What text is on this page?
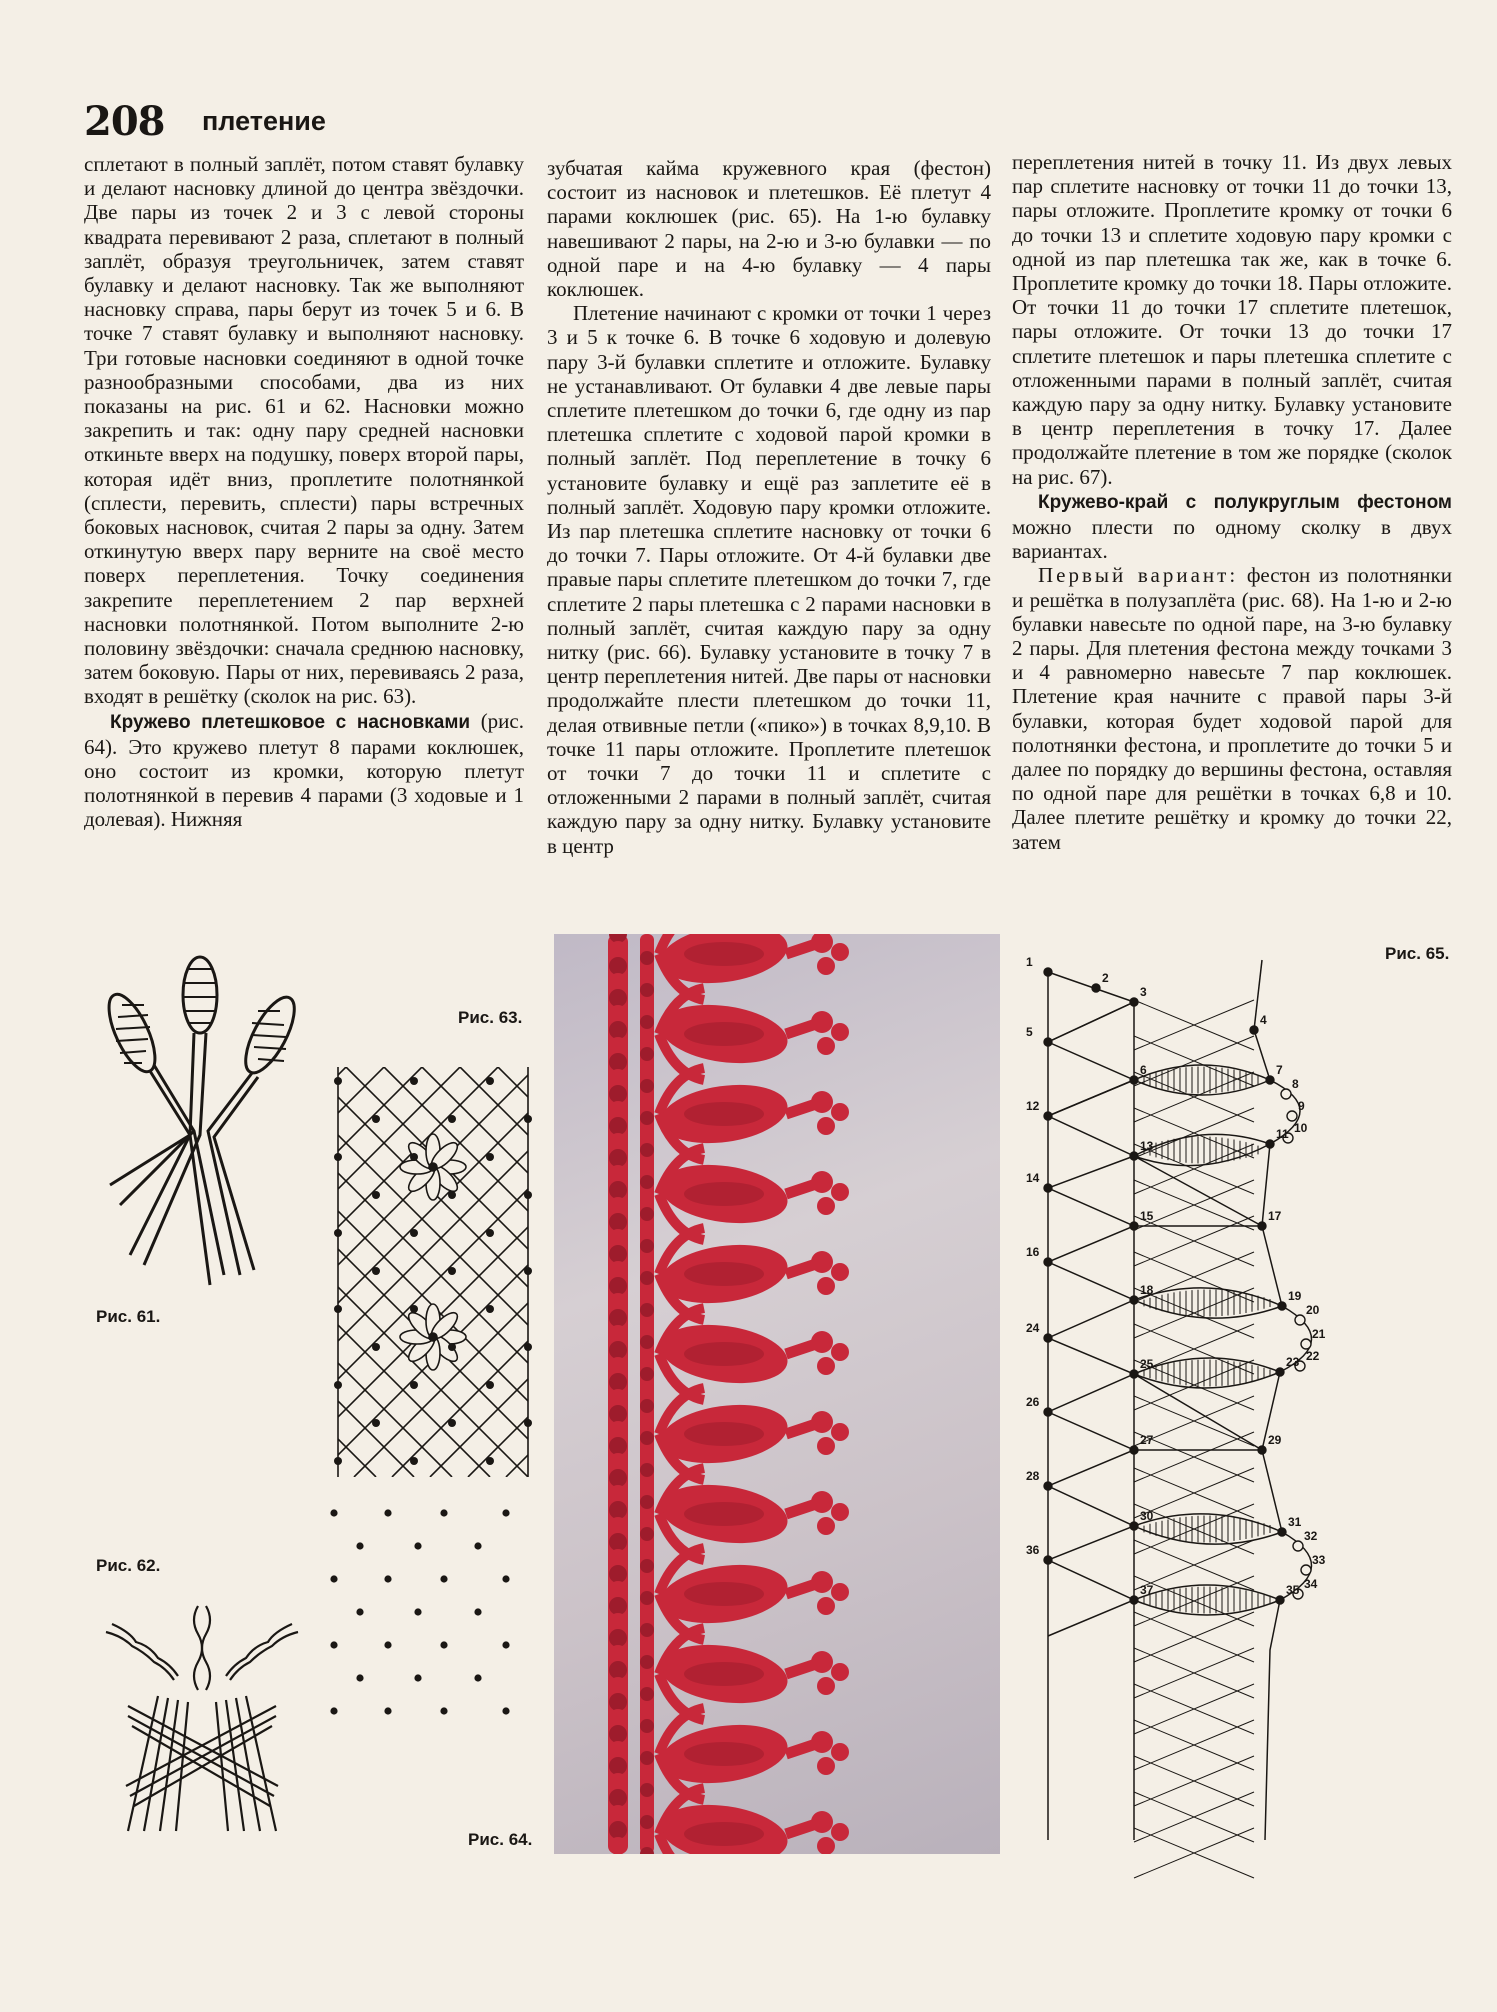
208 плетение

сплетают в полный заплёт, потом ставят булавку и делают насновку длиной до центра звёздочки. Две пары из точек 2 и 3 с левой стороны квадрата перевивают 2 раза, сплетают в полный заплёт, образуя треугольничек, затем ставят булавку и делают насновку. Так же выполняют насновку справа, пары берут из точек 5 и 6. В точке 7 ставят булавку и выполняют насновку. Три готовые насновки соединяют в одной точке разнообразными способами, два из них показаны на рис. 61 и 62. Насновки можно закрепить и так: одну пару средней насновки откиньте вверх на подушку, поверх второй пары, которая идёт вниз, проплетите полотнянкой (сплести, перевить, сплести) пары встречных боковых насновок, считая 2 пары за одну. Затем откинутую вверх пару верните на своё место поверх переплетения. Точку соединения закрепите переплетением 2 пар верхней насновки полотнянкой. Потом выполните 2-ю половину звёздочки: сначала среднюю насновку, затем боковую. Пары от них, перевиваясь 2 раза, входят в решётку (сколок на рис. 63).

Кружево плетешковое с насновками (рис. 64). Это кружево плетут 8 парами коклюшек, оно состоит из кромки, которую плетут полотнянкой в перевив 4 парами (3 ходовые и 1 долевая). Нижняя

зубчатая кайма кружевного края (фестон) состоит из насновок и плетешков. Её плетут 4 парами коклюшек (рис. 65). На 1-ю булавку навешивают 2 пары, на 2-ю и 3-ю булавки — по одной паре и на 4-ю булавку — 4 пары коклюшек.

Плетение начинают с кромки от точки 1 через 3 и 5 к точке 6. В точке 6 ходовую и долевую пару 3-й булавки сплетите и отложите. Булавку не устанавливают. От булавки 4 две левые пары сплетите плетешком до точки 6, где одну из пар плетешка сплетите с ходовой парой кромки в полный заплёт. Под переплетение в точку 6 установите булавку и ещё раз заплетите её в полный заплёт. Ходовую пару кромки отложите. Из пар плетешка сплетите насновку от точки 6 до точки 7. Пары отложите. От 4-й булавки две правые пары сплетите плетешком до точки 7, где сплетите 2 пары плетешка с 2 парами насновки в полный заплёт, считая каждую пару за одну нитку (рис. 66). Булавку установите в точку 7 в центр переплетения нитей. Две пары от насновки продолжайте плести плетешком до точки 11, делая отвивные петли («пико») в точках 8,9,10. В точке 11 пары отложите. Проплетите плетешок от точки 7 до точки 11 и сплетите с отложенными 2 парами в полный заплёт, считая каждую пару за одну нитку. Булавку установите в центр

переплетения нитей в точку 11. Из двух левых пар сплетите насновку от точки 11 до точки 13, пары отложите. Проплетите кромку от точки 6 до точки 13 и сплетите ходовую пару кромки с одной из пар плетешка так же, как в точке 6. Проплетите кромку до точки 18. Пары отложите. От точки 11 до точки 17 сплетите плетешок, пары отложите. От точки 13 до точки 17 сплетите плетешок и пары плетешка сплетите с отложенными парами в полный заплёт, считая каждую пару за одну нитку. Булавку установите в центр переплетения в точку 17. Далее продолжайте плетение в том же порядке (сколок на рис. 67).

Кружево-край с полукруглым фестоном можно плести по одному сколку в двух вариантах.

Первый вариант: фестон из полотнянки и решётка в полузаплёта (рис. 68). На 1-ю и 2-ю булавки навесьте по одной паре, на 3-ю булавку 2 пары. Для плетения фестона между точками 3 и 4 равномерно навесьте 7 пар коклюшек. Плетение края начните с правой пары 3-й булавки, которая будет ходовой парой для полотнянки фестона, и проплетите до точки 5 и далее по порядку до вершины фестона, оставляя по одной паре для решётки в точках 6,8 и 10. Далее плетите решётку и кромку до точки 22, затем

Рис. 61.
Рис. 62.
Рис. 63.
Рис. 64.
Рис. 65.
1
2
3
4
5
6	7
8
9
10
11
12
13
14
15
16
17
18	19
20
21
22
23
24
25
26
27
28
29
30	31
32
33
34
35
36
37
